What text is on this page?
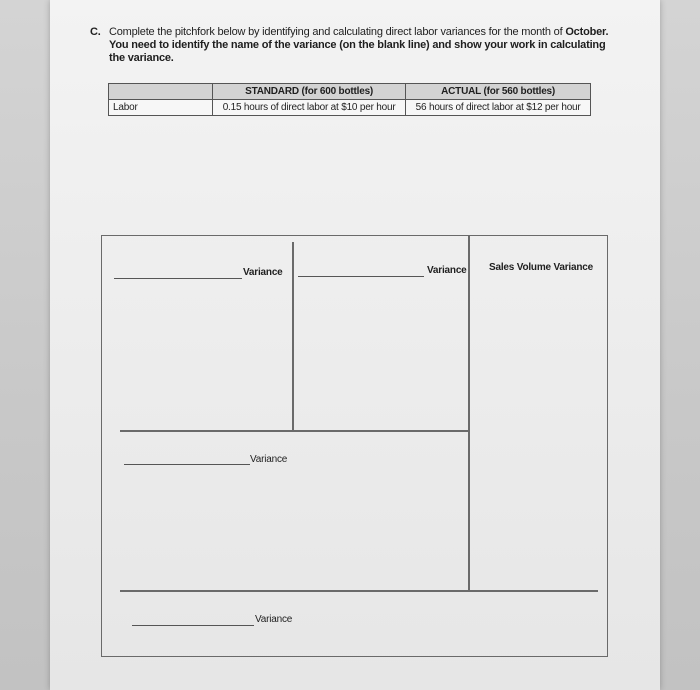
C. Complete the pitchfork below by identifying and calculating direct labor variances for the month of October. You need to identify the name of the variance (on the blank line) and show your work in calculating the variance.
	STANDARD (for 600 bottles)	ACTUAL (for 560 bottles)
Labor	0.15 hours of direct labor at $10 per hour	56 hours of direct labor at $12 per hour
Variance	Variance Sales Volume Variance
Variance
Variance
